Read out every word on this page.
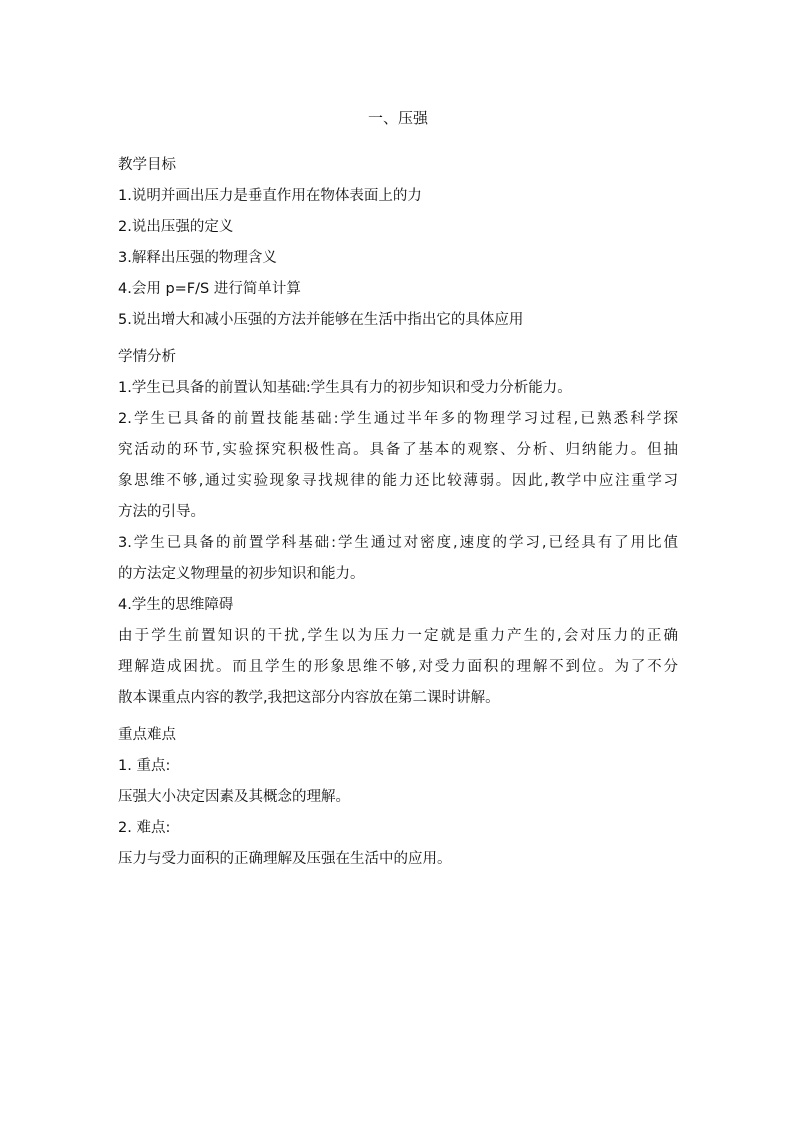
一、压强
教学目标
1.说明并画出压力是垂直作用在物体表面上的力
2.说出压强的定义
3.解释出压强的物理含义
4.会用 p=F/S 进行简单计算
5.说出增大和减小压强的方法并能够在生活中指出它的具体应用
学情分析
1.学生已具备的前置认知基础:学生具有力的初步知识和受力分析能力。
2.学生已具备的前置技能基础:学生通过半年多的物理学习过程,已熟悉科学探
究活动的环节,实验探究积极性高。具备了基本的观察、分析、归纳能力。但抽
象思维不够,通过实验现象寻找规律的能力还比较薄弱。因此,教学中应注重学习
方法的引导。
3.学生已具备的前置学科基础:学生通过对密度,速度的学习,已经具有了用比值
的方法定义物理量的初步知识和能力。
4.学生的思维障碍
由于学生前置知识的干扰,学生以为压力一定就是重力产生的,会对压力的正确
理解造成困扰。而且学生的形象思维不够,对受力面积的理解不到位。为了不分
散本课重点内容的教学,我把这部分内容放在第二课时讲解。
重点难点
1. 重点:
压强大小决定因素及其概念的理解。
2. 难点:
压力与受力面积的正确理解及压强在生活中的应用。
